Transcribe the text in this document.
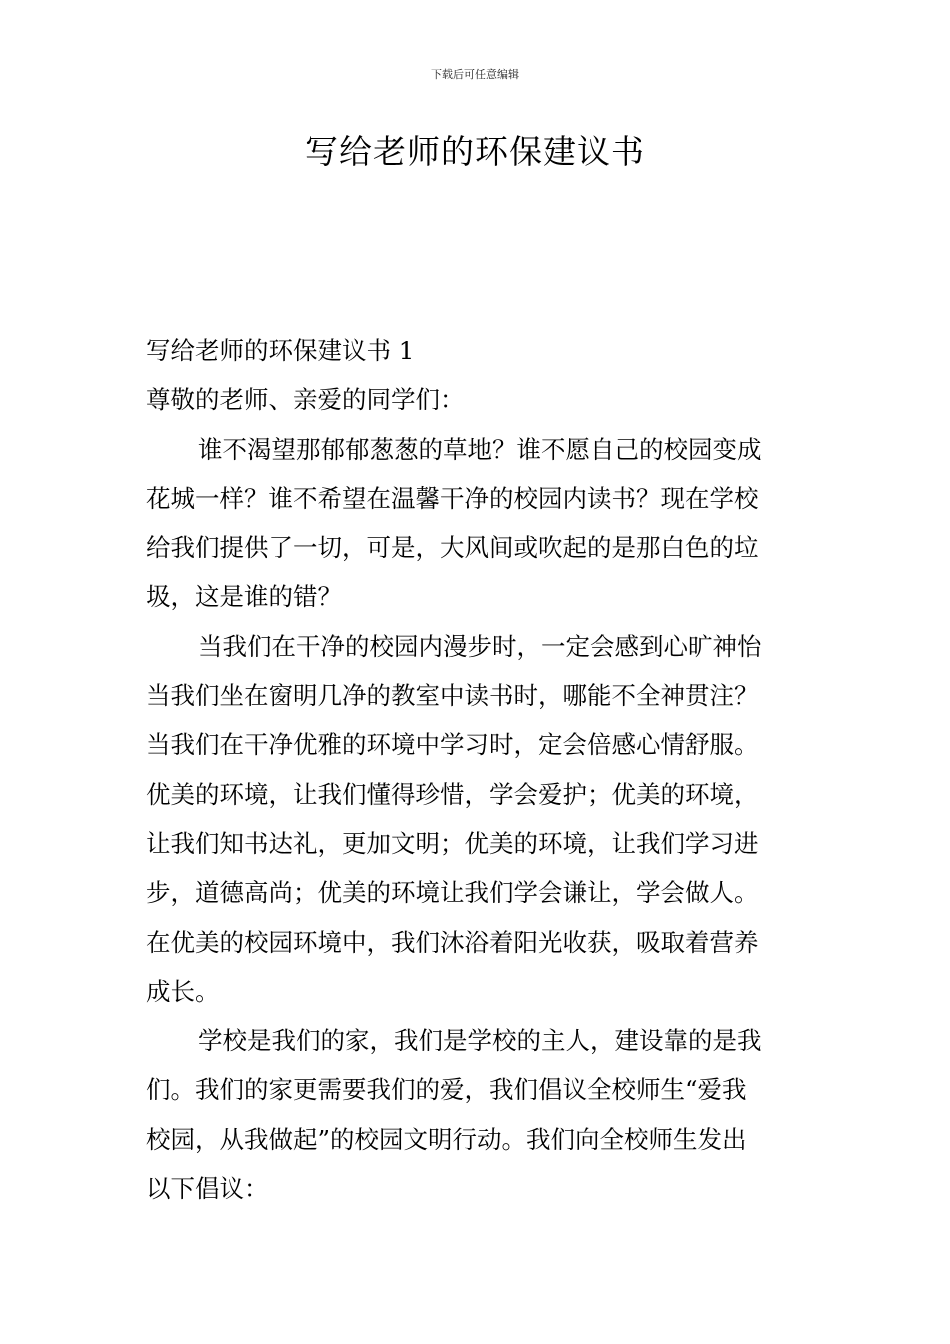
下载后可任意编辑
写给老师的环保建议书
写给老师的环保建议书 1
尊敬的老师、亲爱的同学们：
谁不渴望那郁郁葱葱的草地？谁不愿自己的校园变成
花城一样？谁不希望在温馨干净的校园内读书？现在学校
给我们提供了一切，可是，大风间或吹起的是那白色的垃
圾，这是谁的错？
当我们在干净的校园内漫步时，一定会感到心旷神怡
当我们坐在窗明几净的教室中读书时，哪能不全神贯注？
当我们在干净优雅的环境中学习时，定会倍感心情舒服。
优美的环境，让我们懂得珍惜，学会爱护；优美的环境，
让我们知书达礼，更加文明；优美的环境，让我们学习进
步，道德高尚；优美的环境让我们学会谦让，学会做人。
在优美的校园环境中，我们沐浴着阳光收获，吸取着营养
成长。
学校是我们的家，我们是学校的主人，建设靠的是我
们。我们的家更需要我们的爱，我们倡议全校师生“爱我
校园，从我做起”的校园文明行动。我们向全校师生发出
以下倡议：
